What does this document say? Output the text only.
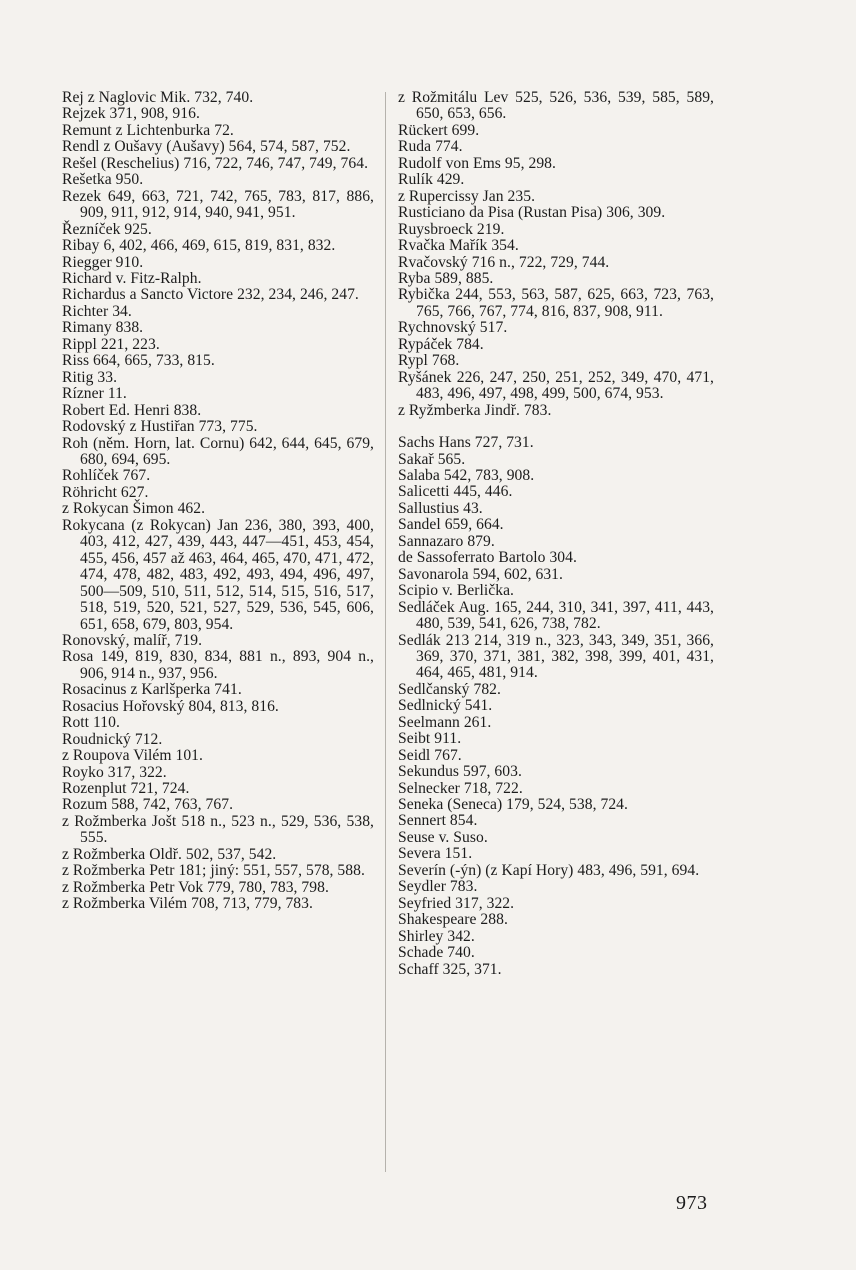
Rej z Naglovic Mik. 732, 740.
Rejzek 371, 908, 916.
Remunt z Lichtenburka 72.
Rendl z Oušavy (Aušavy) 564, 574, 587, 752.
Rešel (Reschelius) 716, 722, 746, 747, 749, 764.
Rešetka 950.
Rezek 649, 663, 721, 742, 765, 783, 817, 886, 909, 911, 912, 914, 940, 941, 951.
Řezníček 925.
Ribay 6, 402, 466, 469, 615, 819, 831, 832.
Riegger 910.
Richard v. Fitz-Ralph.
Richardus a Sancto Victore 232, 234, 246, 247.
Richter 34.
Rimany 838.
Rippl 221, 223.
Riss 664, 665, 733, 815.
Ritig 33.
Rízner 11.
Robert Ed. Henri 838.
Rodovský z Hustiřan 773, 775.
Roh (něm. Horn, lat. Cornu) 642, 644, 645, 679, 680, 694, 695.
Rohlíček 767.
Röhricht 627.
z Rokycan Šimon 462.
Rokycana (z Rokycan) Jan 236, 380, 393, 400, 403, 412, 427, 439, 443, 447—451, 453, 454, 455, 456, 457 až 463, 464, 465, 470, 471, 472, 474, 478, 482, 483, 492, 493, 494, 496, 497, 500—509, 510, 511, 512, 514, 515, 516, 517, 518, 519, 520, 521, 527, 529, 536, 545, 606, 651, 658, 679, 803, 954.
Ronovský, malíř, 719.
Rosa 149, 819, 830, 834, 881 n., 893, 904 n., 906, 914 n., 937, 956.
Rosacinus z Karlšperka 741.
Rosacius Hořovský 804, 813, 816.
Rott 110.
Roudnický 712.
z Roupova Vilém 101.
Royko 317, 322.
Rozenplut 721, 724.
Rozum 588, 742, 763, 767.
z Rožmberka Jošt 518 n., 523 n., 529, 536, 538, 555.
z Rožmberka Oldř. 502, 537, 542.
z Rožmberka Petr 181; jiný: 551, 557, 578, 588.
z Rožmberka Petr Vok 779, 780, 783, 798.
z Rožmberka Vilém 708, 713, 779, 783.
z Rožmitálu Lev 525, 526, 536, 539, 585, 589, 650, 653, 656.
Rückert 699.
Ruda 774.
Rudolf von Ems 95, 298.
Rulík 429.
z Rupercissy Jan 235.
Rusticiano da Pisa (Rustan Pisa) 306, 309.
Ruysbroeck 219.
Rvačka Mařík 354.
Rvačovský 716 n., 722, 729, 744.
Ryba 589, 885.
Rybička 244, 553, 563, 587, 625, 663, 723, 763, 765, 766, 767, 774, 816, 837, 908, 911.
Rychnovský 517.
Rypáček 784.
Rypl 768.
Ryšánek 226, 247, 250, 251, 252, 349, 470, 471, 483, 496, 497, 498, 499, 500, 674, 953.
z Ryžmberka Jindř. 783.
Sachs Hans 727, 731.
Sakař 565.
Salaba 542, 783, 908.
Salicetti 445, 446.
Sallustius 43.
Sandel 659, 664.
Sannazaro 879.
de Sassoferrato Bartolo 304.
Savonarola 594, 602, 631.
Scipio v. Berlička.
Sedláček Aug. 165, 244, 310, 341, 397, 411, 443, 480, 539, 541, 626, 738, 782.
Sedlák 213 214, 319 n., 323, 343, 349, 351, 366, 369, 370, 371, 381, 382, 398, 399, 401, 431, 464, 465, 481, 914.
Sedlčanský 782.
Sedlnický 541.
Seelmann 261.
Seibt 911.
Seidl 767.
Sekundus 597, 603.
Selnecker 718, 722.
Seneka (Seneca) 179, 524, 538, 724.
Sennert 854.
Seuse v. Suso.
Severa 151.
Severín (-ýn) (z Kapí Hory) 483, 496, 591, 694.
Seydler 783.
Seyfried 317, 322.
Shakespeare 288.
Shirley 342.
Schade 740.
Schaff 325, 371.
973
